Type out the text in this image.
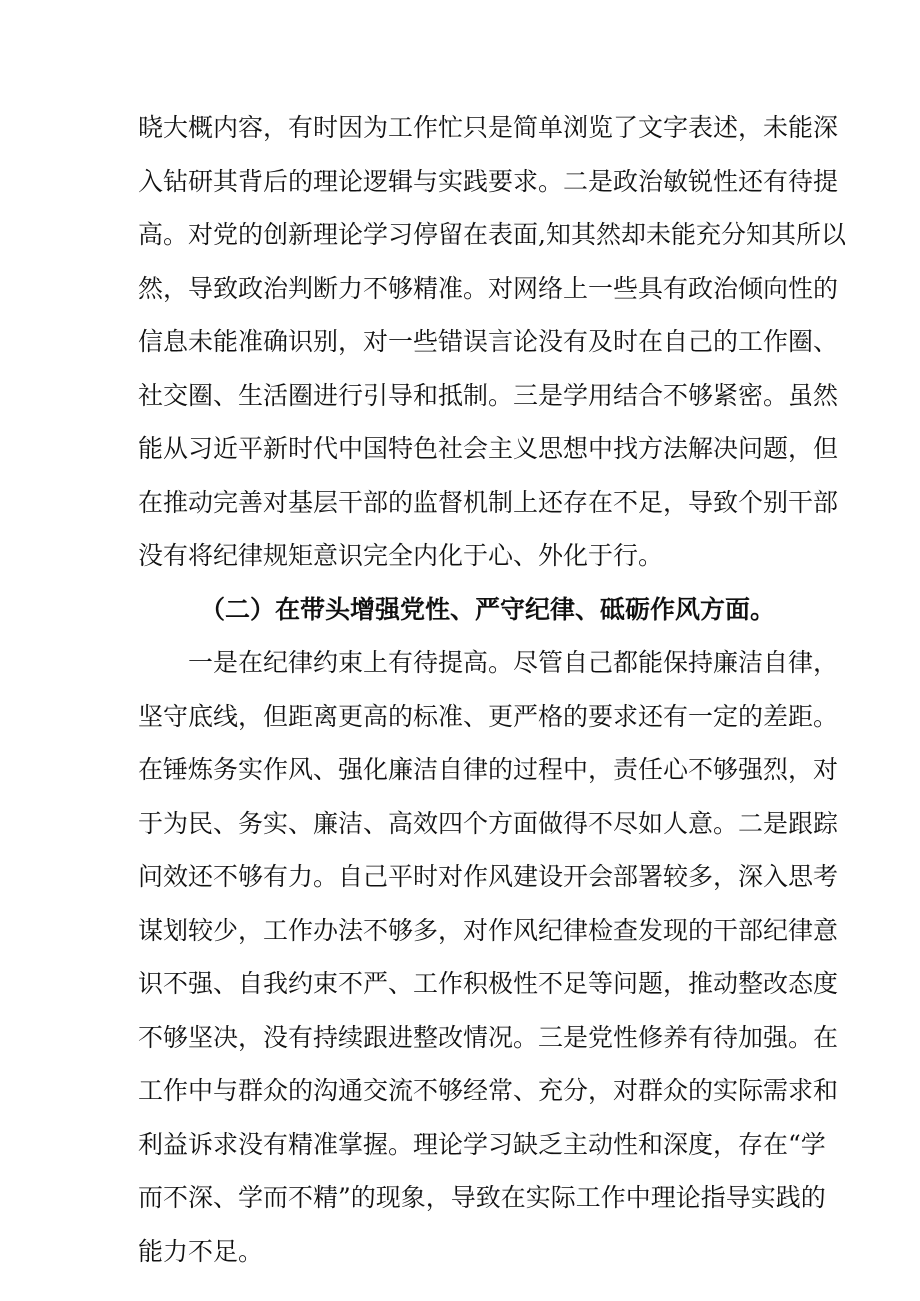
晓大概内容，有时因为工作忙只是简单浏览了文字表述，未能深
入钻研其背后的理论逻辑与实践要求。二是政治敏锐性还有待提
高。对党的创新理论学习停留在表面,知其然却未能充分知其所以
然，导致政治判断力不够精准。对网络上一些具有政治倾向性的
信息未能准确识别，对一些错误言论没有及时在自己的工作圈、
社交圈、生活圈进行引导和抵制。三是学用结合不够紧密。虽然
能从习近平新时代中国特色社会主义思想中找方法解决问题，但
在推动完善对基层干部的监督机制上还存在不足，导致个别干部
没有将纪律规矩意识完全内化于心、外化于行。
（二）在带头增强党性、严守纪律、砥砺作风方面。
一是在纪律约束上有待提高。尽管自己都能保持廉洁自律，
坚守底线，但距离更高的标准、更严格的要求还有一定的差距。
在锤炼务实作风、强化廉洁自律的过程中，责任心不够强烈，对
于为民、务实、廉洁、高效四个方面做得不尽如人意。二是跟踪
问效还不够有力。自己平时对作风建设开会部署较多，深入思考
谋划较少，工作办法不够多，对作风纪律检查发现的干部纪律意
识不强、自我约束不严、工作积极性不足等问题，推动整改态度
不够坚决，没有持续跟进整改情况。三是党性修养有待加强。在
工作中与群众的沟通交流不够经常、充分，对群众的实际需求和
利益诉求没有精准掌握。理论学习缺乏主动性和深度，存在“学
而不深、学而不精”的现象，导致在实际工作中理论指导实践的
能力不足。
